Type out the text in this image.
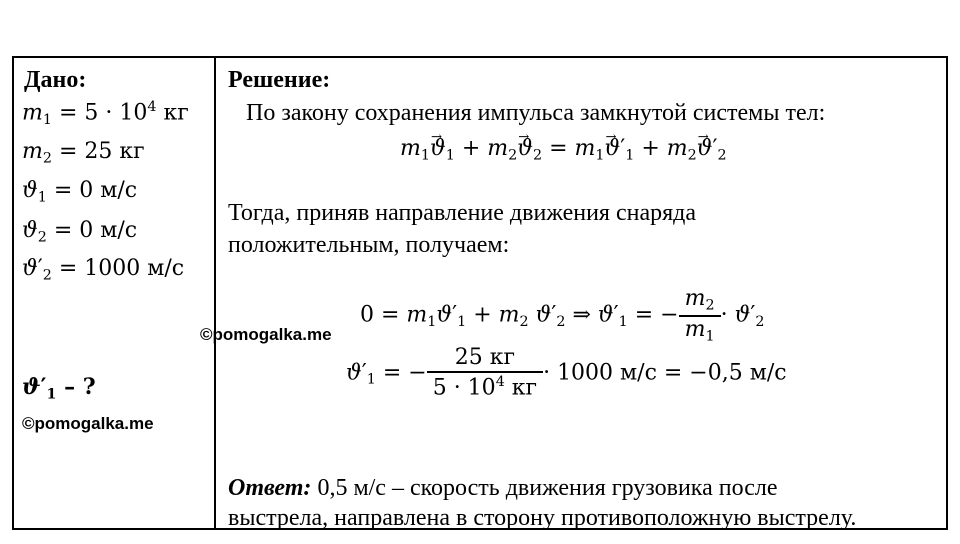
Дано:
$m_1 = 5 \cdot 10^4$ кг
$m_2 = 25$ кг
$ϑ_1 = 0$ м/с
$ϑ_2 = 0$ м/с
$ϑ'_2 = 1000$ м/с
$ϑ'_1$ – ?
©pomogalka.me
Решение:
По закону сохранения импульса замкнутой системы тел:
$m_1\to ϑ_1 + m_2\to ϑ_2 = m_1\to ϑ'_1 + m_2\to ϑ'_2$
Тогда, приняв направление движения снаряда
положительным, получаем:
$0 = m_1ϑ'_1 + m_2$ $ϑ'_2$ ⇒ $ϑ'_1$ = − $\frac{m_2}{m_1} \cdot ϑ'_2$
©pomogalka.me
$ϑ'_1$ = − $\frac{25 кг}{5 \cdot 10^4 кг} \cdot 1000$ м/с = −0,5 м/с
Ответ: 0,5 м/с – скорость движения грузовика после
выстрела, направлена в сторону противоположную выстрелу.
